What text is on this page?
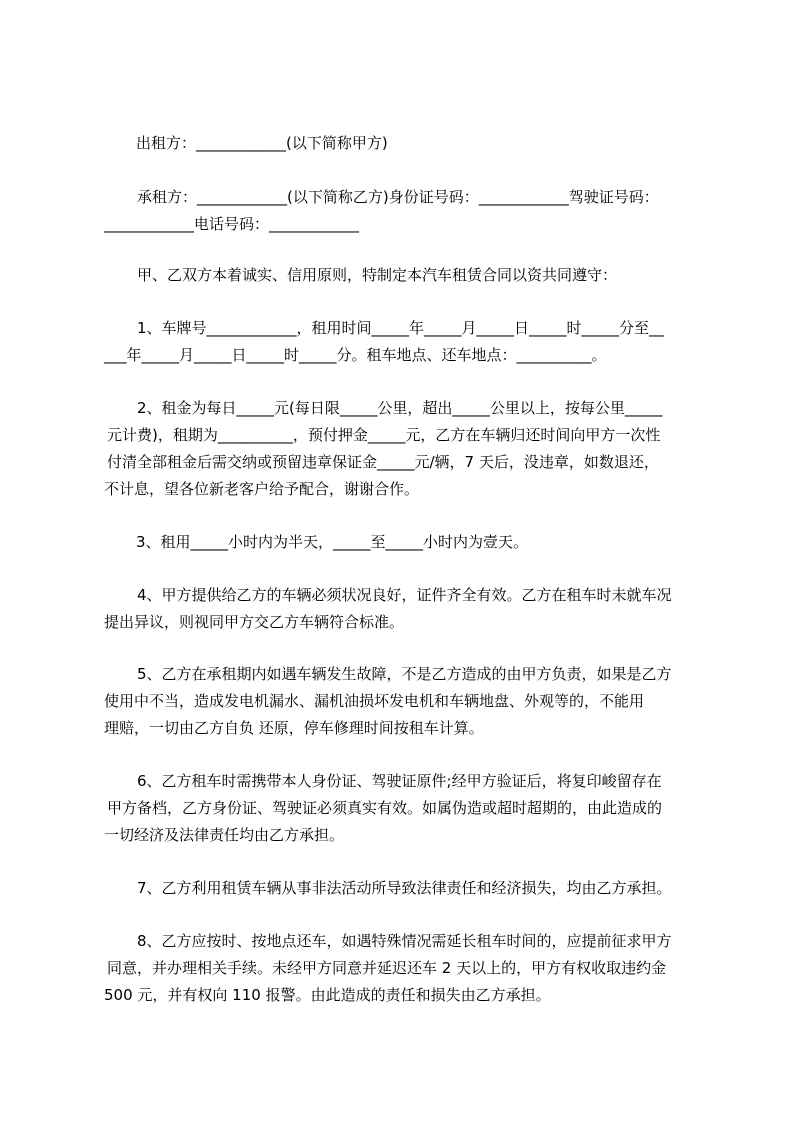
出租方：____________(以下简称甲方)
承租方：____________(以下简称乙方)身份证号码：____________驾驶证号码：
____________电话号码：____________
甲、乙双方本着诚实、信用原则，特制定本汽车租赁合同以资共同遵守：
1、车牌号____________，租用时间_____年_____月_____日_____时_____分至__
___年_____月_____日_____时_____分。租车地点、还车地点：__________。
2、租金为每日_____元(每日限_____公里，超出_____公里以上，按每公里_____
元计费)，租期为__________，预付押金_____元，乙方在车辆归还时间向甲方一次性
付清全部租金后需交纳或预留违章保证金_____元/辆，7 天后，没违章，如数退还，
不计息，望各位新老客户给予配合，谢谢合作。
3、租用_____小时内为半天，_____至_____小时内为壹天。
4、甲方提供给乙方的车辆必须状况良好，证件齐全有效。乙方在租车时未就车况
提出异议，则视同甲方交乙方车辆符合标准。
5、乙方在承租期内如遇车辆发生故障，不是乙方造成的由甲方负责，如果是乙方
使用中不当，造成发电机漏水、漏机油损坏发电机和车辆地盘、外观等的，不能用
理赔，一切由乙方自负 还原，停车修理时间按租车计算。
6、乙方租车时需携带本人身份证、驾驶证原件;经甲方验证后，将复印峻留存在
甲方备档，乙方身份证、驾驶证必须真实有效。如属伪造或超时超期的，由此造成的
一切经济及法律责任均由乙方承担。
7、乙方利用租赁车辆从事非法活动所导致法律责任和经济损失，均由乙方承担。
8、乙方应按时、按地点还车，如遇特殊情况需延长租车时间的，应提前征求甲方
同意，并办理相关手续。未经甲方同意并延迟还车 2 天以上的，甲方有权收取违约金
500 元，并有权向 110 报警。由此造成的责任和损失由乙方承担。
